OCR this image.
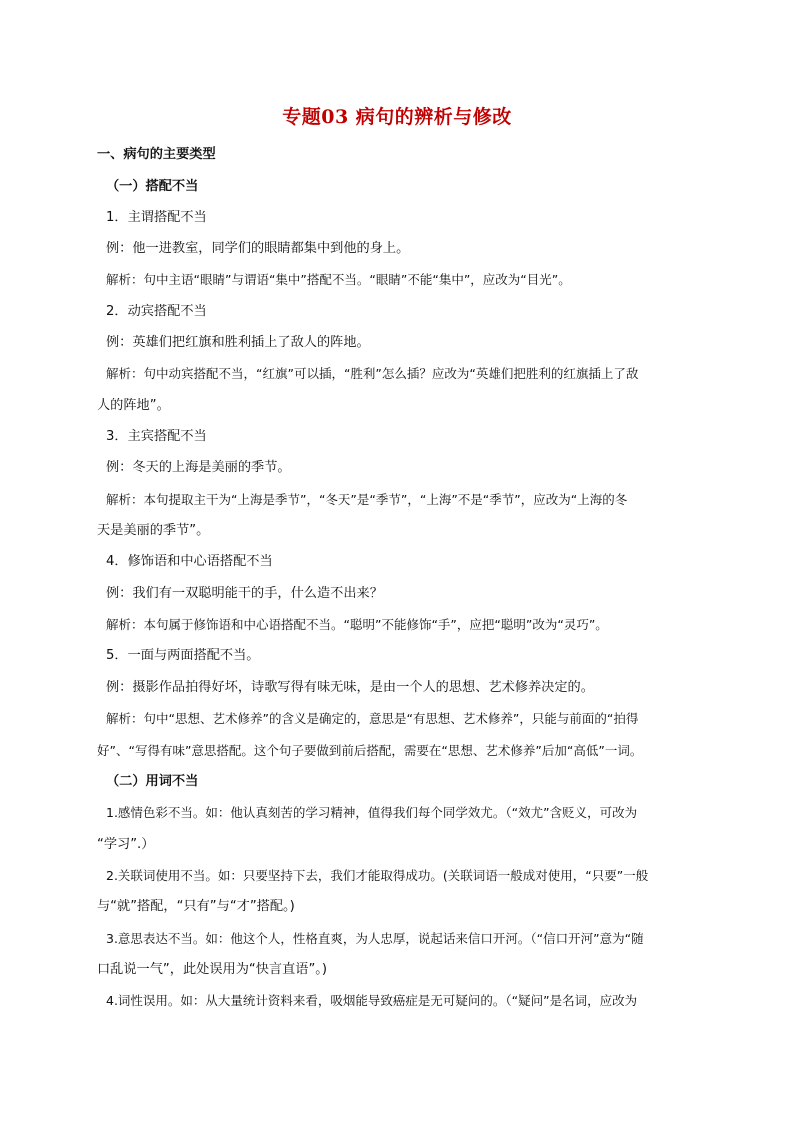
专题03 病句的辨析与修改
一、病句的主要类型
（一）搭配不当
1．主谓搭配不当
例：他一进教室，同学们的眼睛都集中到他的身上。
解析：句中主语“眼睛”与谓语“集中”搭配不当。“眼睛”不能“集中”，应改为“目光”。
2．动宾搭配不当
例：英雄们把红旗和胜利插上了敌人的阵地。
解析：句中动宾搭配不当，“红旗”可以插，“胜利”怎么插？应改为“英雄们把胜利的红旗插上了敌
人的阵地”。
3．主宾搭配不当
例：冬天的上海是美丽的季节。
解析：本句提取主干为“上海是季节”，“冬天”是“季节”，“上海”不是“季节”，应改为“上海的冬
天是美丽的季节”。
4．修饰语和中心语搭配不当
例：我们有一双聪明能干的手，什么造不出来？
解析：本句属于修饰语和中心语搭配不当。“聪明”不能修饰“手”，应把“聪明”改为“灵巧”。
5．一面与两面搭配不当。
例：摄影作品拍得好坏，诗歌写得有味无味，是由一个人的思想、艺术修养决定的。
解析：句中“思想、艺术修养”的含义是确定的，意思是“有思想、艺术修养”，只能与前面的“拍得
好”、“写得有味”意思搭配。这个句子要做到前后搭配，需要在“思想、艺术修养”后加“高低”一词。
（二）用词不当
1.感情色彩不当。如：他认真刻苦的学习精神，值得我们每个同学效尤。（“效尤”含贬义，可改为
“学习”.）
2.关联词使用不当。如：只要坚持下去，我们才能取得成功。(关联词语一般成对使用，“只要”一般
与“就”搭配，“只有”与“才”搭配。)
3.意思表达不当。如：他这个人，性格直爽，为人忠厚，说起话来信口开河。（“信口开河”意为“随
口乱说一气”，此处误用为“快言直语”。)
4.词性误用。如：从大量统计资料来看，吸烟能导致癌症是无可疑问的。（“疑问”是名词，应改为
